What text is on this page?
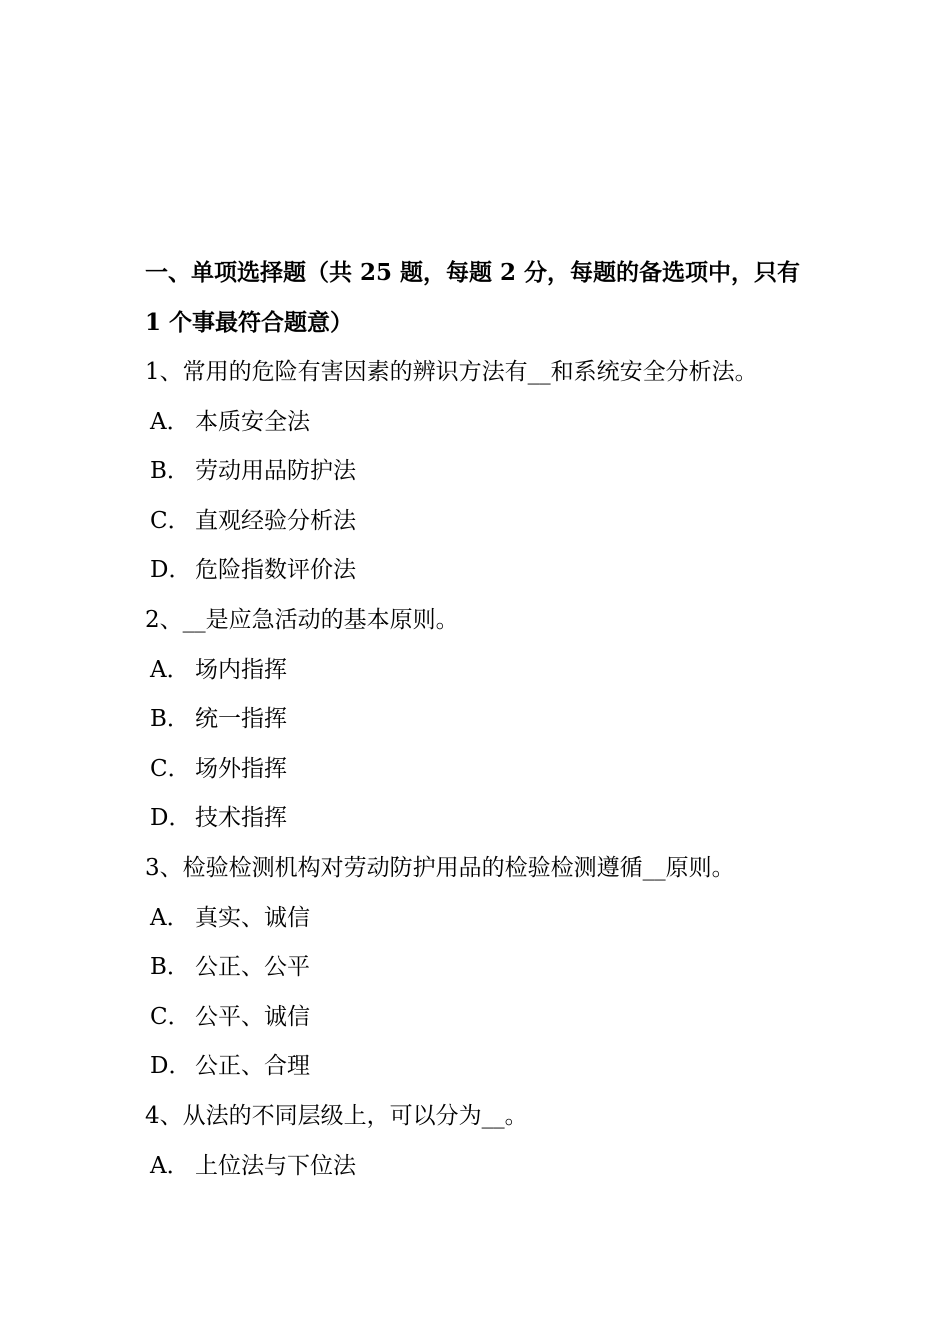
一、单项选择题（共 25 题，每题 2 分，每题的备选项中，只有

1 个事最符合题意）

1、常用的危险有害因素的辨识方法有__和系统安全分析法。

A． 本质安全法

B． 劳动用品防护法

C． 直观经验分析法

D． 危险指数评价法

2、__是应急活动的基本原则。

A． 场内指挥

B． 统一指挥

C． 场外指挥

D． 技术指挥

3、检验检测机构对劳动防护用品的检验检测遵循__原则。

A． 真实、诚信

B． 公正、公平

C． 公平、诚信

D． 公正、合理

4、从法的不同层级上，可以分为__。

A． 上位法与下位法
